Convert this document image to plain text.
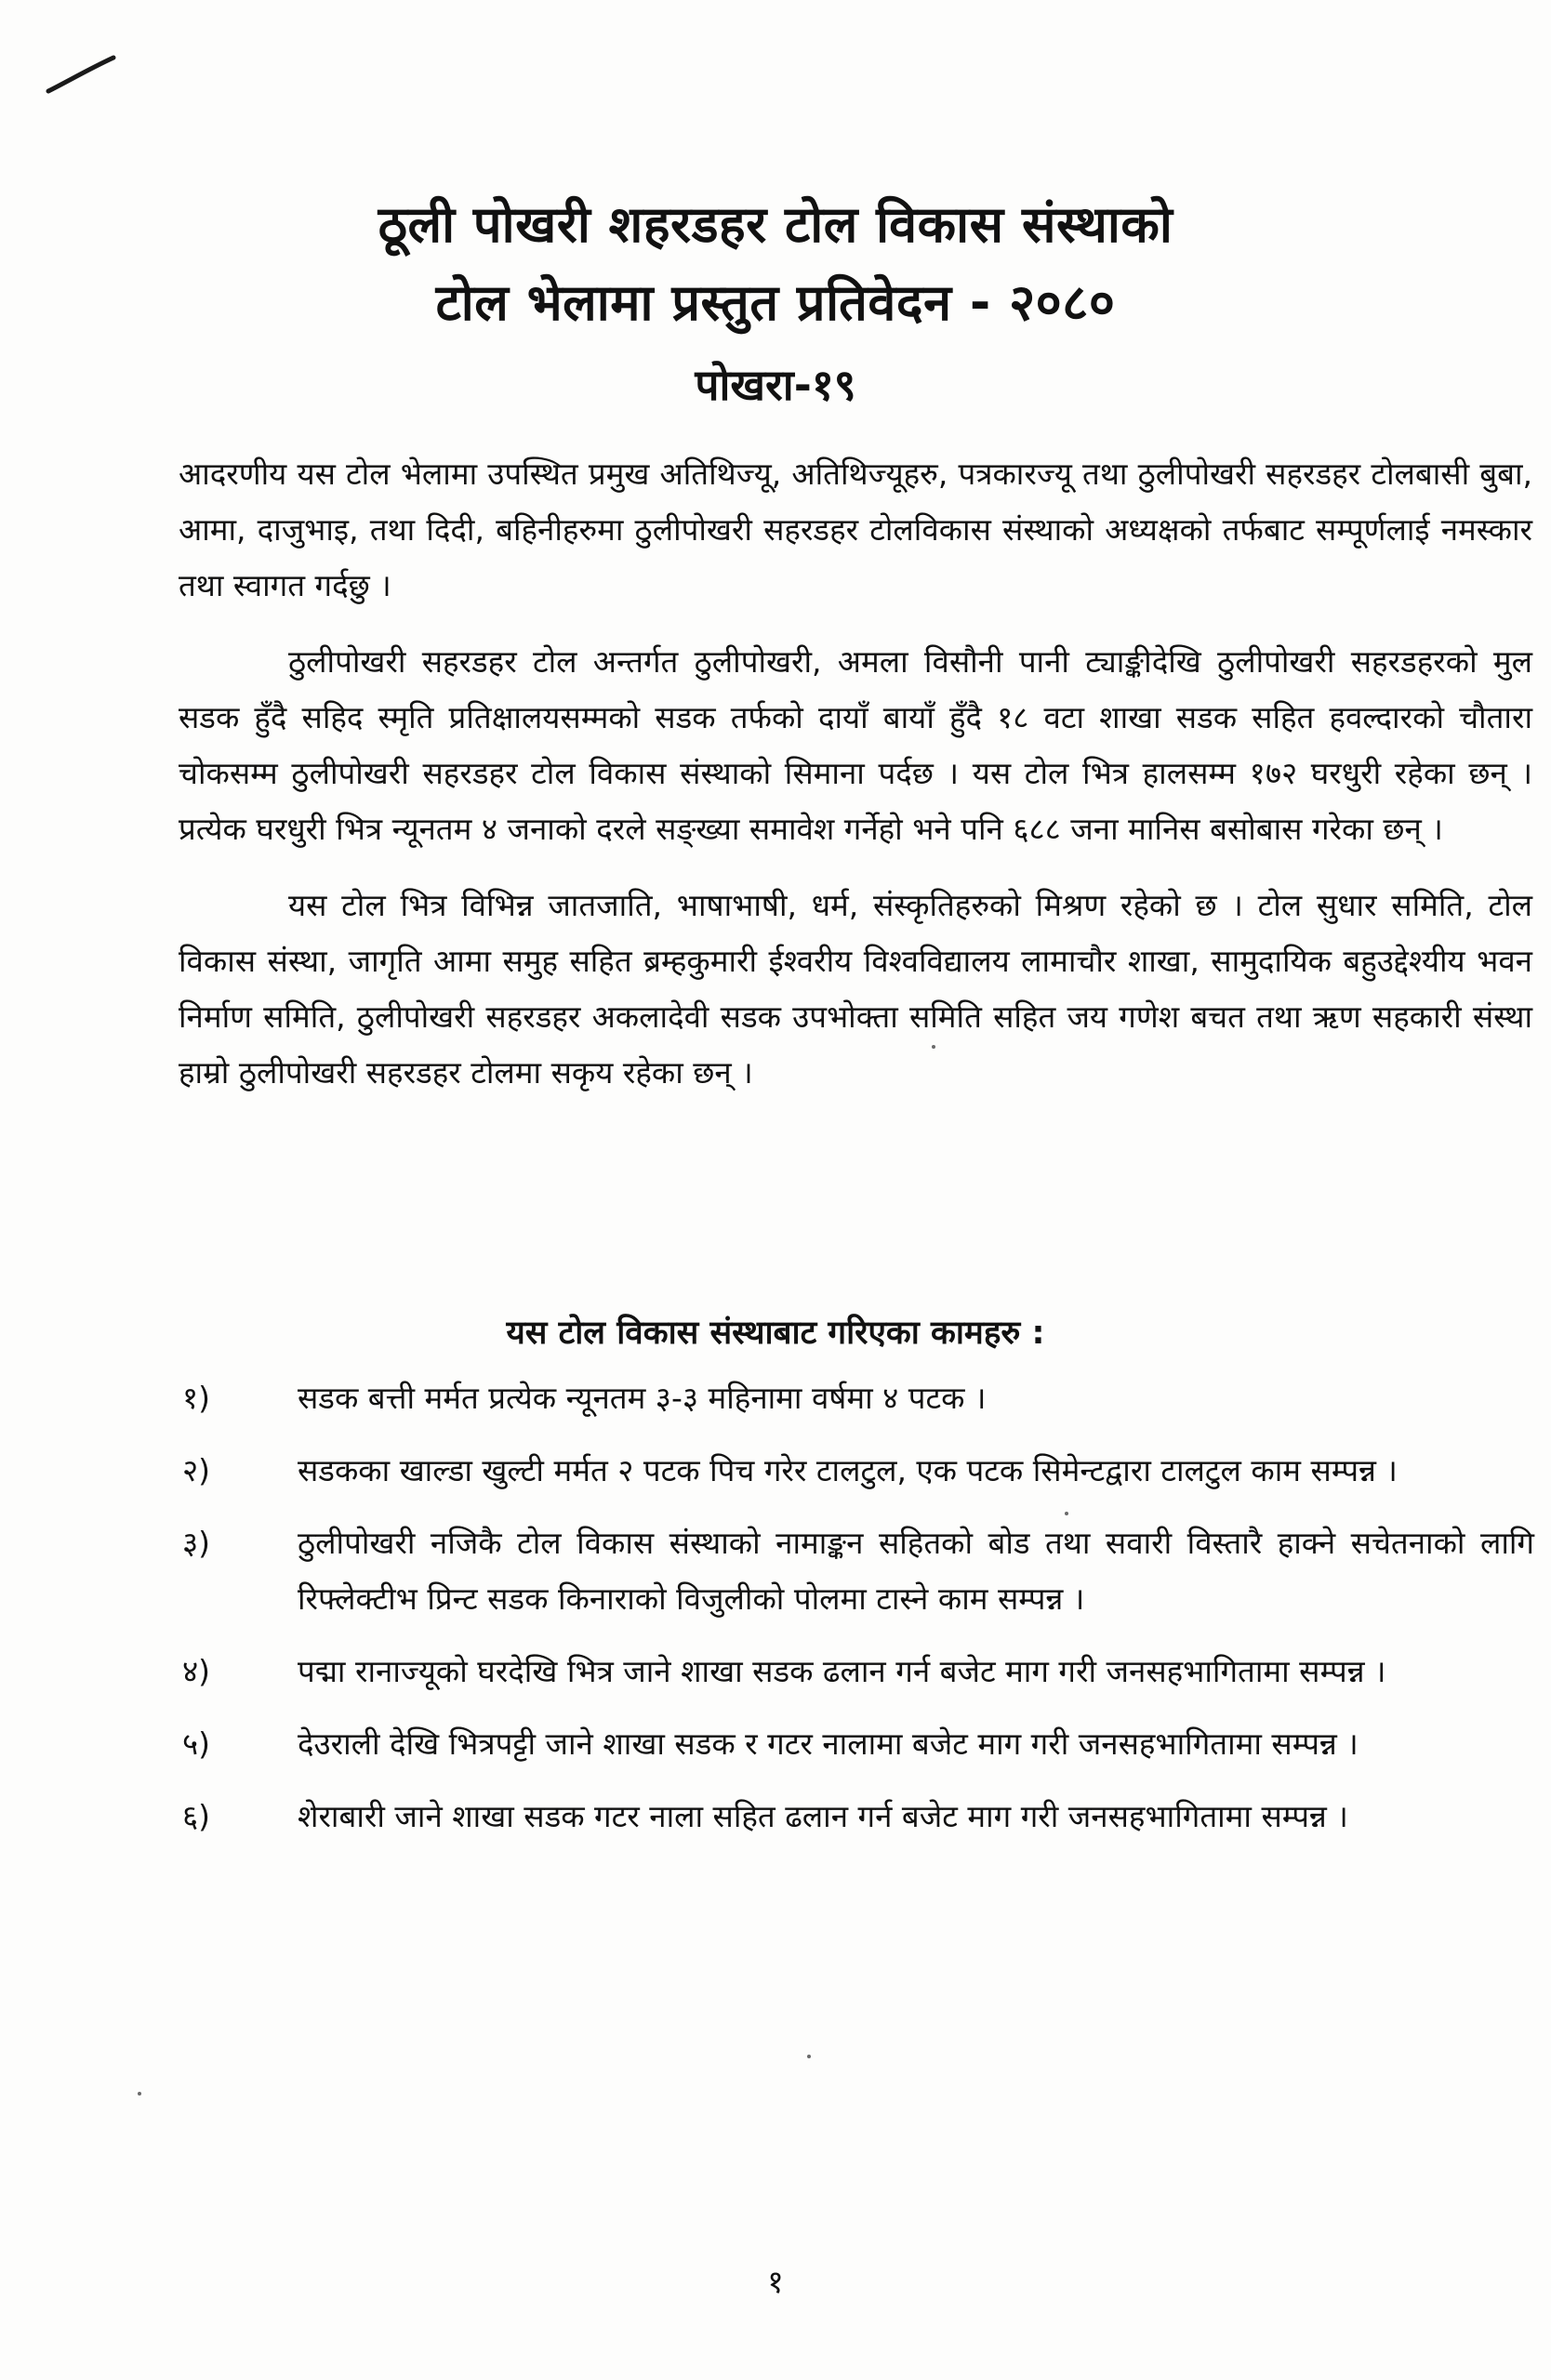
ठूली पोखरी शहरडहर टोल विकास संस्थाको
टोल भेलामा प्रस्तुत प्रतिवेदन - २०८०
पोखरा-१९

आदरणीय यस टोल भेलामा उपस्थित प्रमुख अतिथिज्यू, अतिथिज्यूहरु, पत्रकारज्यू तथा ठुलीपोखरी सहरडहर टोलबासी बुबा, आमा, दाजुभाइ, तथा दिदी, बहिनीहरुमा ठुलीपोखरी सहरडहर टोलविकास संस्थाको अध्यक्षको तर्फबाट सम्पूर्णलाई नमस्कार तथा स्वागत गर्दछु ।

ठुलीपोखरी सहरडहर टोल अन्तर्गत ठुलीपोखरी, अमला विसौनी पानी ट्याङ्कीदेखि ठुलीपोखरी सहरडहरको मुल सडक हुँदै सहिद स्मृति प्रतिक्षालयसम्मको सडक तर्फको दायाँ बायाँ हुँदै १८ वटा शाखा सडक सहित हवल्दारको चौतारा चोकसम्म ठुलीपोखरी सहरडहर टोल विकास संस्थाको सिमाना पर्दछ । यस टोल भित्र हालसम्म १७२ घरधुरी रहेका छन् । प्रत्येक घरधुरी भित्र न्यूनतम ४ जनाको दरले सङ्ख्या समावेश गर्नेहो भने पनि ६८८ जना मानिस बसोबास गरेका छन् ।

यस टोल भित्र विभिन्न जातजाति, भाषाभाषी, धर्म, संस्कृतिहरुको मिश्रण रहेको छ । टोल सुधार समिति, टोल विकास संस्था, जागृति आमा समुह सहित ब्रम्हकुमारी ईश्वरीय विश्वविद्यालय लामाचौर शाखा, सामुदायिक बहुउद्देश्यीय भवन निर्माण समिति, ठुलीपोखरी सहरडहर अकलादेवी सडक उपभोक्ता समिति सहित जय गणेश बचत तथा ऋण सहकारी संस्था हाम्रो ठुलीपोखरी सहरडहर टोलमा सकृय रहेका छन् ।

यस टोल विकास संस्थाबाट गरिएका कामहरु :
१)	सडक बत्ती मर्मत प्रत्येक न्यूनतम ३-३ महिनामा वर्षमा ४ पटक ।
२)	सडकका खाल्डा खुल्टी मर्मत २ पटक पिच गरेर टालटुल, एक पटक सिमेन्टद्वारा टालटुल काम सम्पन्न ।
३)	ठुलीपोखरी नजिकै टोल विकास संस्थाको नामाङ्कन सहितको बोड तथा सवारी विस्तारै हाक्ने सचेतनाको लागि रिफ्लेक्टीभ प्रिन्ट सडक किनाराको विजुलीको पोलमा टास्ने काम सम्पन्न ।
४)	पद्मा रानाज्यूको घरदेखि भित्र जाने शाखा सडक ढलान गर्न बजेट माग गरी जनसहभागितामा सम्पन्न ।
५)	देउराली देखि भित्रपट्टी जाने शाखा सडक र गटर नालामा बजेट माग गरी जनसहभागितामा सम्पन्न ।
६)	शेराबारी जाने शाखा सडक गटर नाला सहित ढलान गर्न बजेट माग गरी जनसहभागितामा सम्पन्न ।
१
